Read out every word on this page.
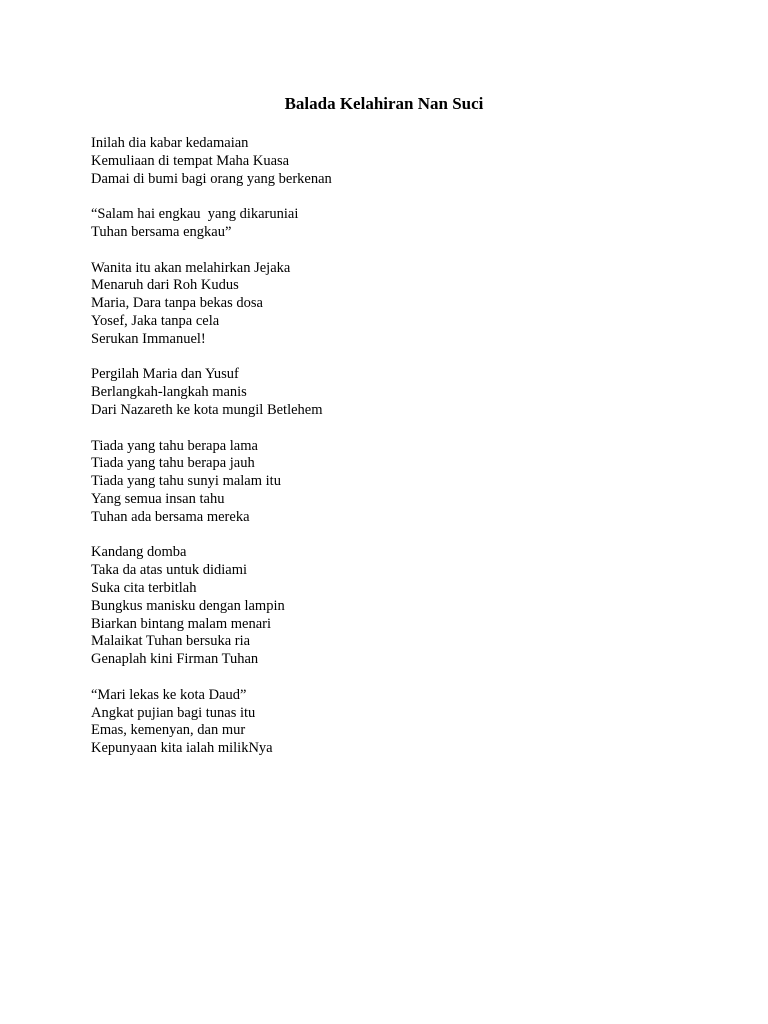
Balada Kelahiran Nan Suci
Inilah dia kabar kedamaian
Kemuliaan di tempat Maha Kuasa
Damai di bumi bagi orang yang berkenan
“Salam hai engkau  yang dikaruniai
Tuhan bersama engkau”
Wanita itu akan melahirkan Jejaka
Menaruh dari Roh Kudus
Maria, Dara tanpa bekas dosa
Yosef, Jaka tanpa cela
Serukan Immanuel!
Pergilah Maria dan Yusuf
Berlangkah-langkah manis
Dari Nazareth ke kota mungil Betlehem
Tiada yang tahu berapa lama
Tiada yang tahu berapa jauh
Tiada yang tahu sunyi malam itu
Yang semua insan tahu
Tuhan ada bersama mereka
Kandang domba
Taka da atas untuk didiami
Suka cita terbitlah
Bungkus manisku dengan lampin
Biarkan bintang malam menari
Malaikat Tuhan bersuka ria
Genaplah kini Firman Tuhan
“Mari lekas ke kota Daud”
Angkat pujian bagi tunas itu
Emas, kemenyan, dan mur
Kepunyaan kita ialah milikNya
